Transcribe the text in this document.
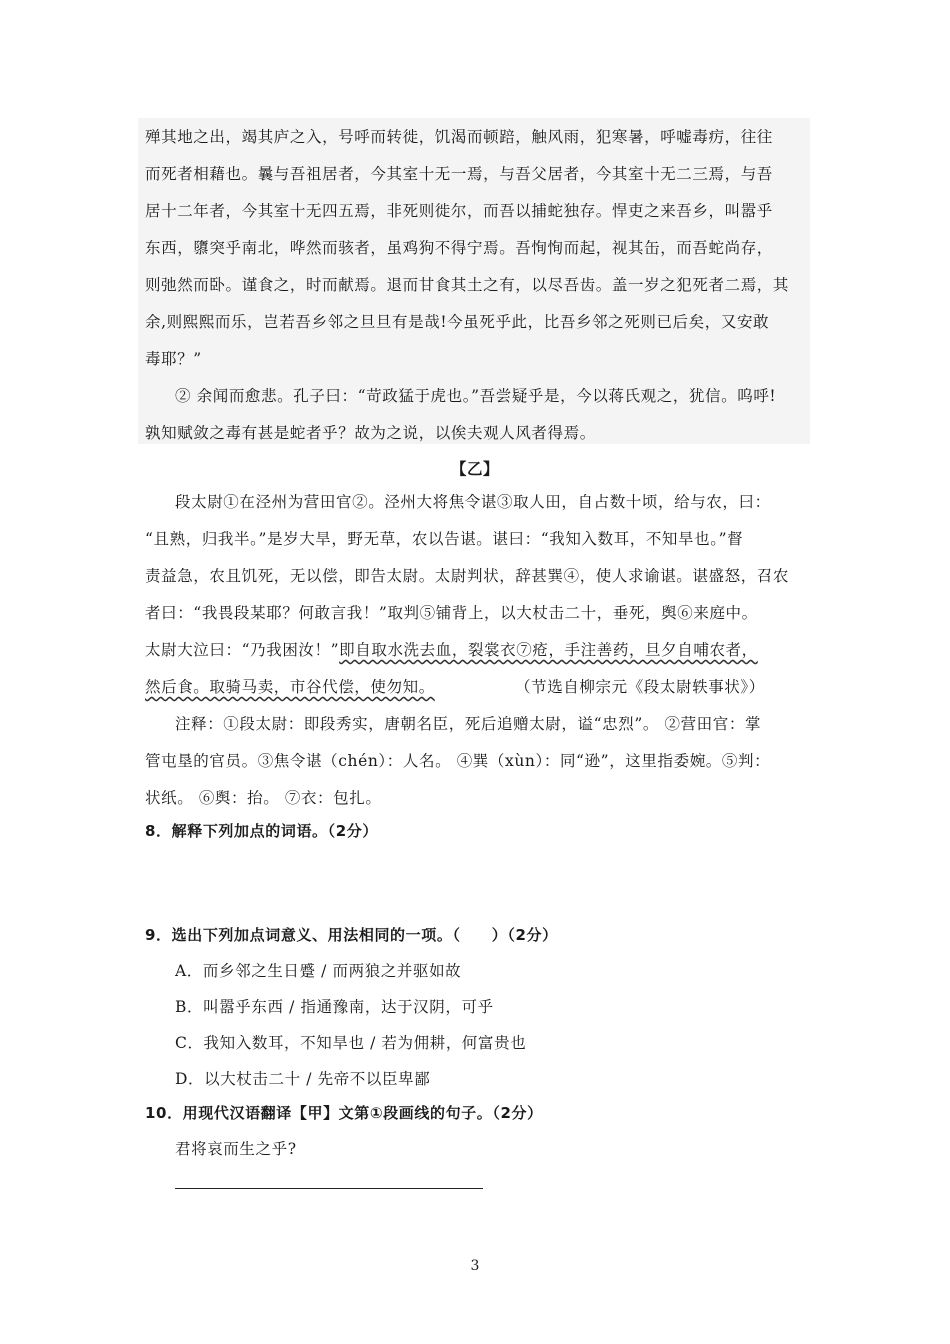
殚其地之出，竭其庐之入，号呼而转徙，饥渴而顿踣，触风雨，犯寒暑，呼嘘毒疠，往往
而死者相藉也。曩与吾祖居者，今其室十无一焉，与吾父居者，今其室十无二三焉，与吾
居十二年者，今其室十无四五焉，非死则徙尔，而吾以捕蛇独存。悍吏之来吾乡，叫嚣乎
东西，隳突乎南北，哗然而骇者，虽鸡狗不得宁焉。吾恂恂而起，视其缶，而吾蛇尚存，
则弛然而卧。谨食之，时而献焉。退而甘食其土之有，以尽吾齿。盖一岁之犯死者二焉，其
余,则熙熙而乐，岂若吾乡邻之旦旦有是哉!今虽死乎此，比吾乡邻之死则已后矣，又安敢
毒耶？”
② 余闻而愈悲。孔子曰：“苛政猛于虎也。”吾尝疑乎是，今以蒋氏观之，犹信。呜呼!
孰知赋敛之毒有甚是蛇者乎？故为之说，以俟夫观人风者得焉。
【乙】
段太尉①在泾州为营田官②。泾州大将焦令谌③取人田，自占数十顷，给与农，曰：
“且熟，归我半。”是岁大旱，野无草，农以告谌。谌曰：“我知入数耳，不知旱也。”督
责益急，农且饥死，无以偿，即告太尉。太尉判状，辞甚巽④，使人求谕谌。谌盛怒，召农
者曰：“我畏段某耶？何敢言我！”取判⑤铺背上，以大杖击二十，垂死，舆⑥来庭中。
太尉大泣曰：“乃我困汝！”即自取水洗去血，裂裳衣⑦疮，手注善药，旦夕自哺农者，
然后食。取骑马卖，市谷代偿，使勿知。	（节选自柳宗元《段太尉轶事状》）
注释：①段太尉：即段秀实，唐朝名臣，死后追赠太尉，谥“忠烈”。 ②营田官：掌
管屯垦的官员。③焦令谌（chén）：人名。 ④巽（xùn）：同“逊”，这里指委婉。⑤判：
状纸。 ⑥舆：抬。 ⑦衣：包扎。
8．解释下列加点的词语。（2分）
9．选出下列加点词意义、用法相同的一项。（　　）（2分）
A．而乡邻之生日蹙 / 而两狼之并驱如故
B．叫嚣乎东西 / 指通豫南，达于汉阴，可乎
C．我知入数耳，不知旱也 / 若为佣耕，何富贵也
D．以大杖击二十 / 先帝不以臣卑鄙
10．用现代汉语翻译【甲】文第①段画线的句子。（2分）
君将哀而生之乎?
3
